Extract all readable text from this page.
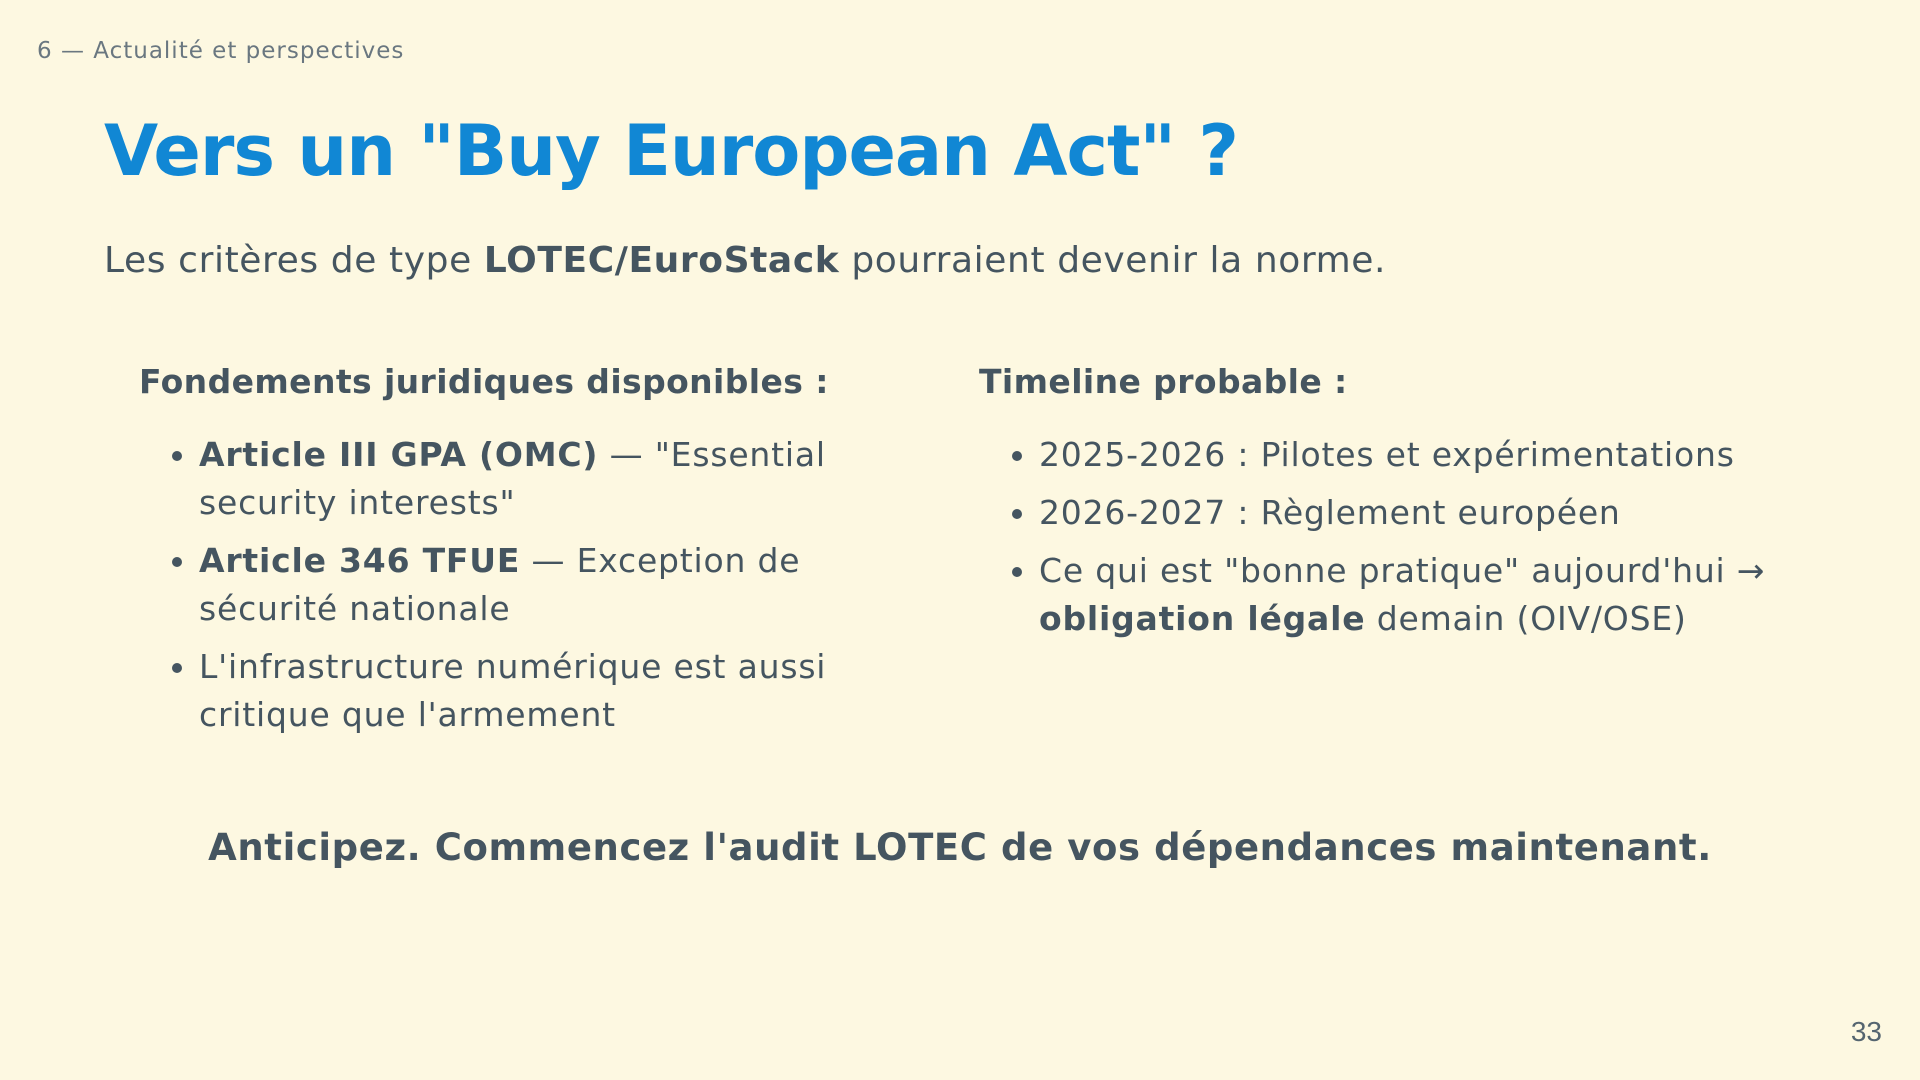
6 — Actualité et perspectives
Vers un "Buy European Act" ?
Les critères de type LOTEC/EuroStack pourraient devenir la norme.
Fondements juridiques disponibles :
• Article III GPA (OMC) — "Essential security interests"
• Article 346 TFUE — Exception de sécurité nationale
• L'infrastructure numérique est aussi critique que l'armement
Timeline probable :
• 2025-2026 : Pilotes et expérimentations
• 2026-2027 : Règlement européen
• Ce qui est "bonne pratique" aujourd'hui → obligation légale demain (OIV/OSE)
Anticipez. Commencez l'audit LOTEC de vos dépendances maintenant.
33
